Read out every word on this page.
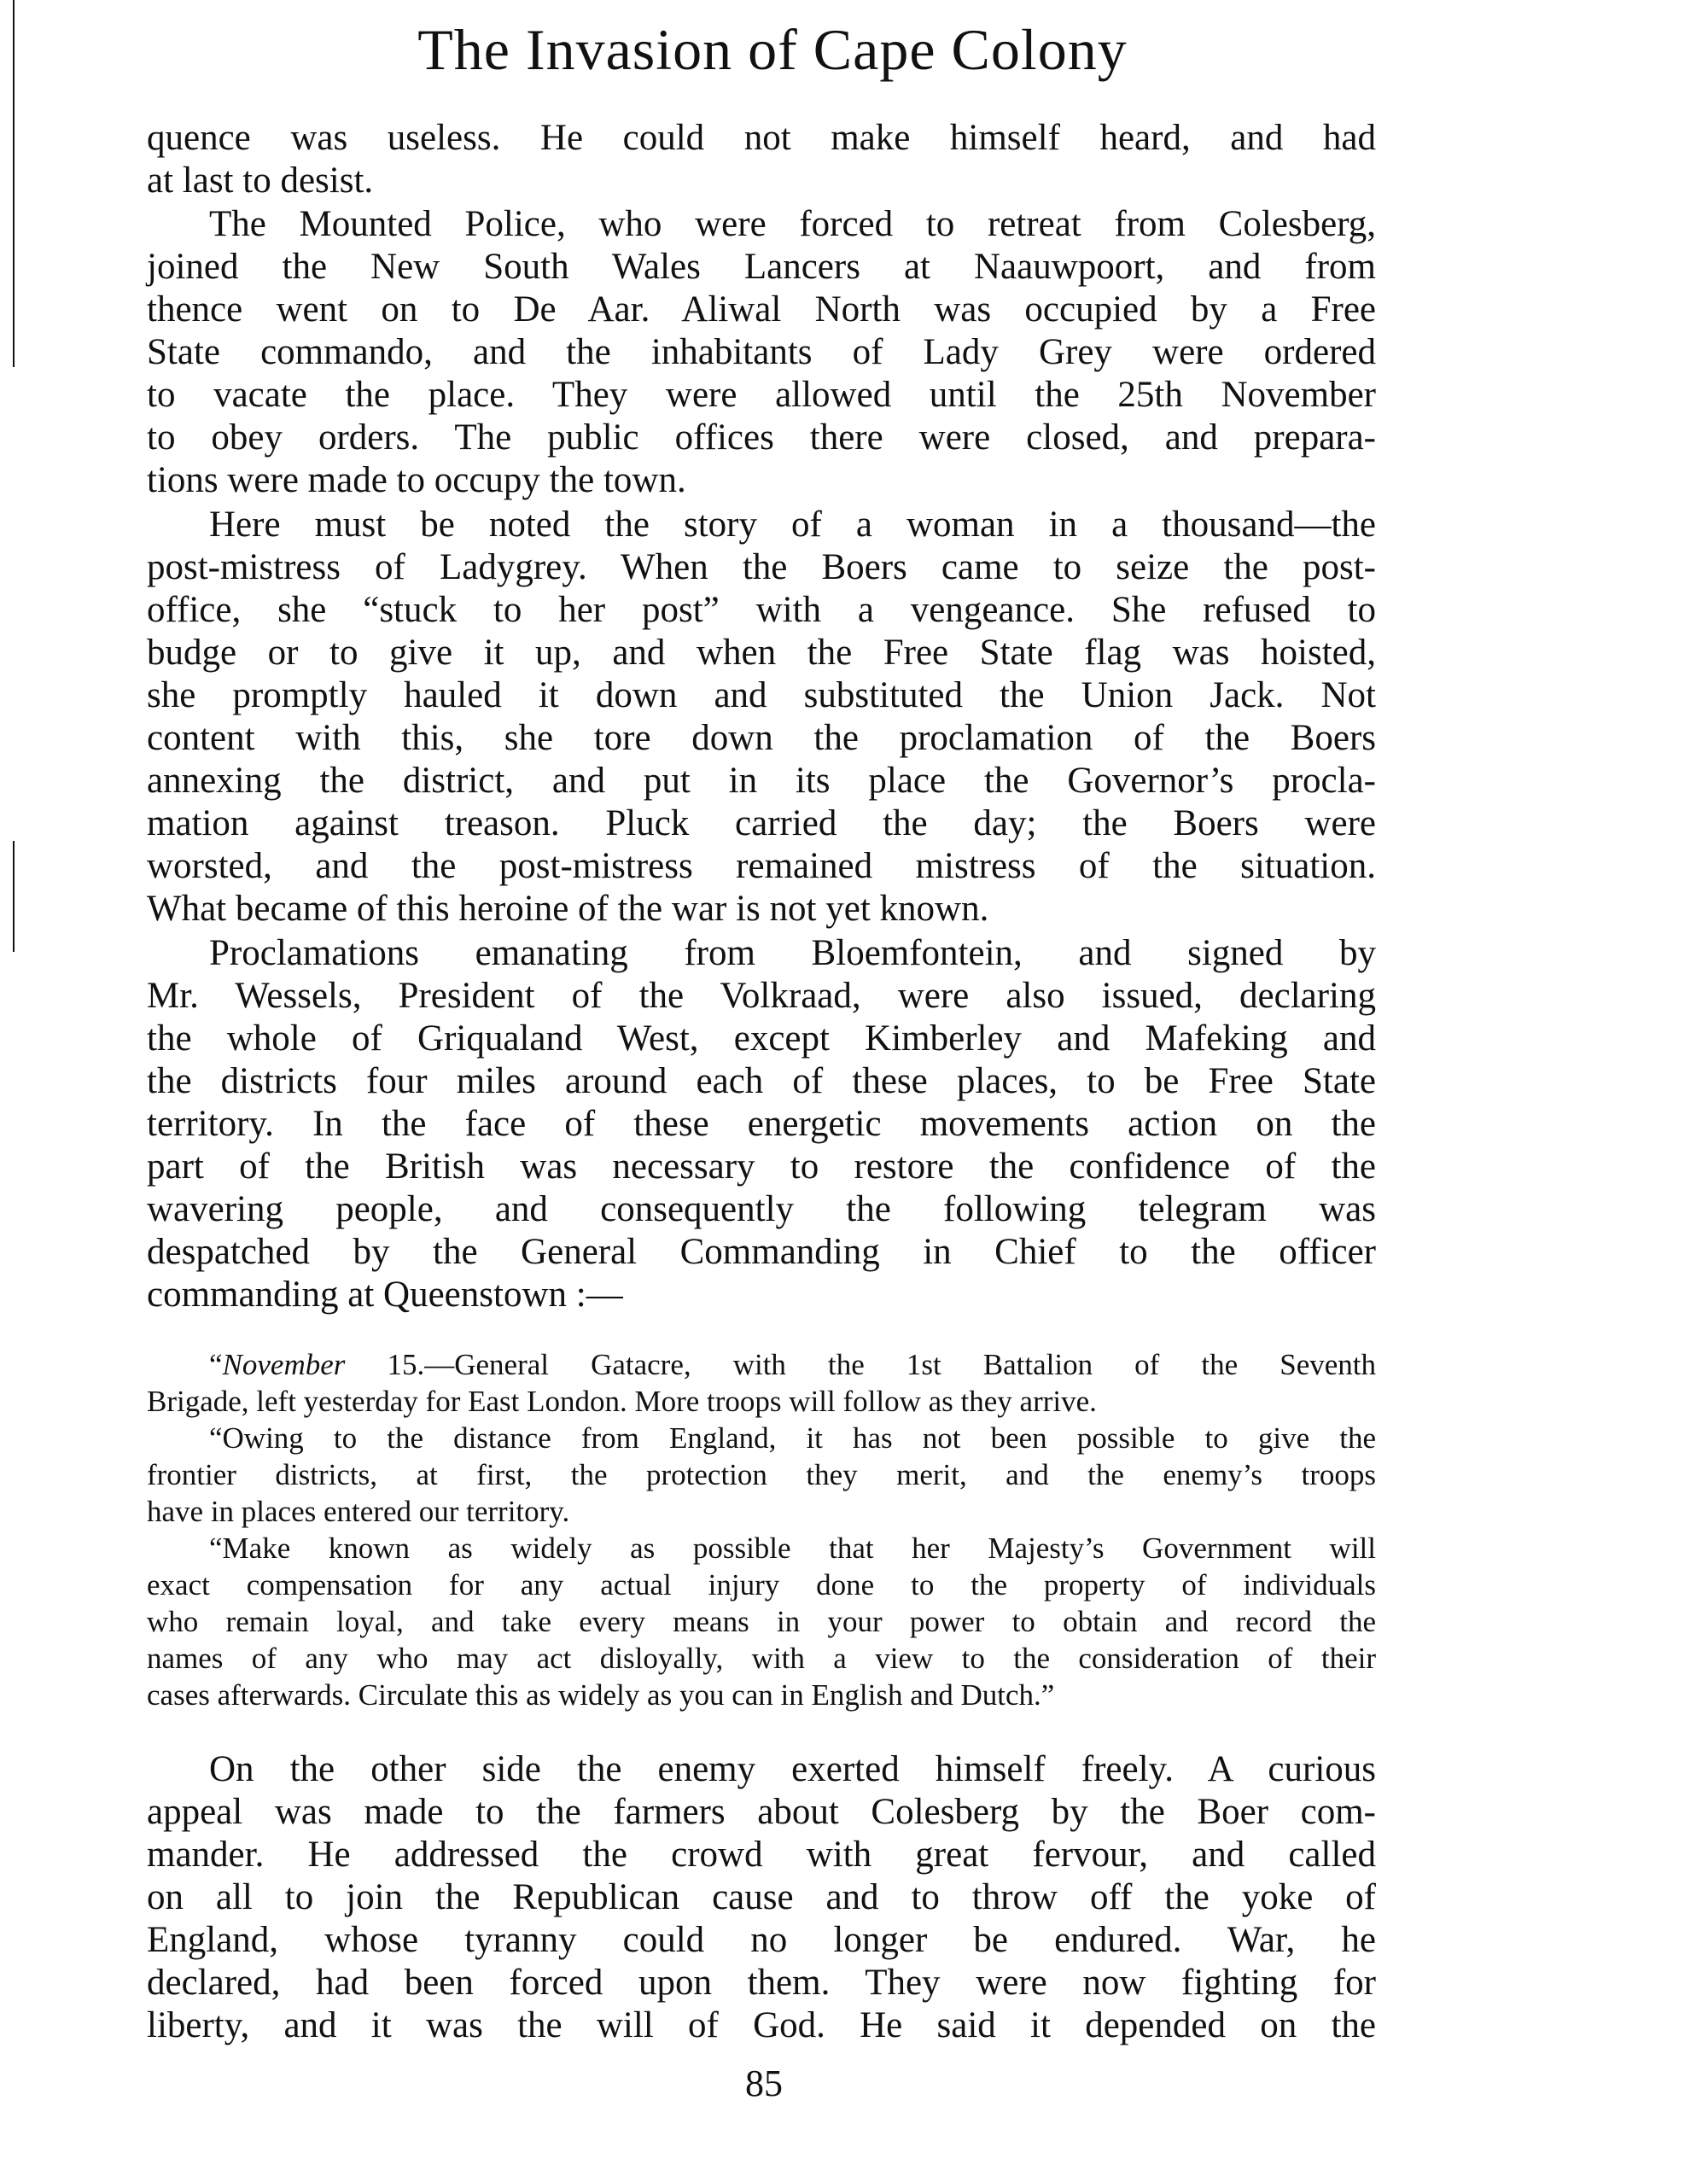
The Invasion of Cape Colony
quence was useless. He could not make himself heard, and had
at last to desist.
The Mounted Police, who were forced to retreat from Colesberg,
joined the New South Wales Lancers at Naauwpoort, and from
thence went on to De Aar. Aliwal North was occupied by a Free
State commando, and the inhabitants of Lady Grey were ordered
to vacate the place. They were allowed until the 25th November
to obey orders. The public offices there were closed, and prepara-
tions were made to occupy the town.
Here must be noted the story of a woman in a thousand—the
post-mistress of Ladygrey. When the Boers came to seize the post-
office, she “stuck to her post” with a vengeance. She refused to
budge or to give it up, and when the Free State flag was hoisted,
she promptly hauled it down and substituted the Union Jack. Not
content with this, she tore down the proclamation of the Boers
annexing the district, and put in its place the Governor’s procla-
mation against treason. Pluck carried the day; the Boers were
worsted, and the post-mistress remained mistress of the situation.
What became of this heroine of the war is not yet known.
Proclamations emanating from Bloemfontein, and signed by
Mr. Wessels, President of the Volkraad, were also issued, declaring
the whole of Griqualand West, except Kimberley and Mafeking and
the districts four miles around each of these places, to be Free State
territory. In the face of these energetic movements action on the
part of the British was necessary to restore the confidence of the
wavering people, and consequently the following telegram was
despatched by the General Commanding in Chief to the officer
commanding at Queenstown :—
“November 15.—General Gatacre, with the 1st Battalion of the Seventh
Brigade, left yesterday for East London. More troops will follow as they arrive.
“Owing to the distance from England, it has not been possible to give the
frontier districts, at first, the protection they merit, and the enemy’s troops
have in places entered our territory.
“Make known as widely as possible that her Majesty’s Government will
exact compensation for any actual injury done to the property of individuals
who remain loyal, and take every means in your power to obtain and record the
names of any who may act disloyally, with a view to the consideration of their
cases afterwards. Circulate this as widely as you can in English and Dutch.”
On the other side the enemy exerted himself freely. A curious
appeal was made to the farmers about Colesberg by the Boer com-
mander. He addressed the crowd with great fervour, and called
on all to join the Republican cause and to throw off the yoke of
England, whose tyranny could no longer be endured. War, he
declared, had been forced upon them. They were now fighting for
liberty, and it was the will of God. He said it depended on the
85
